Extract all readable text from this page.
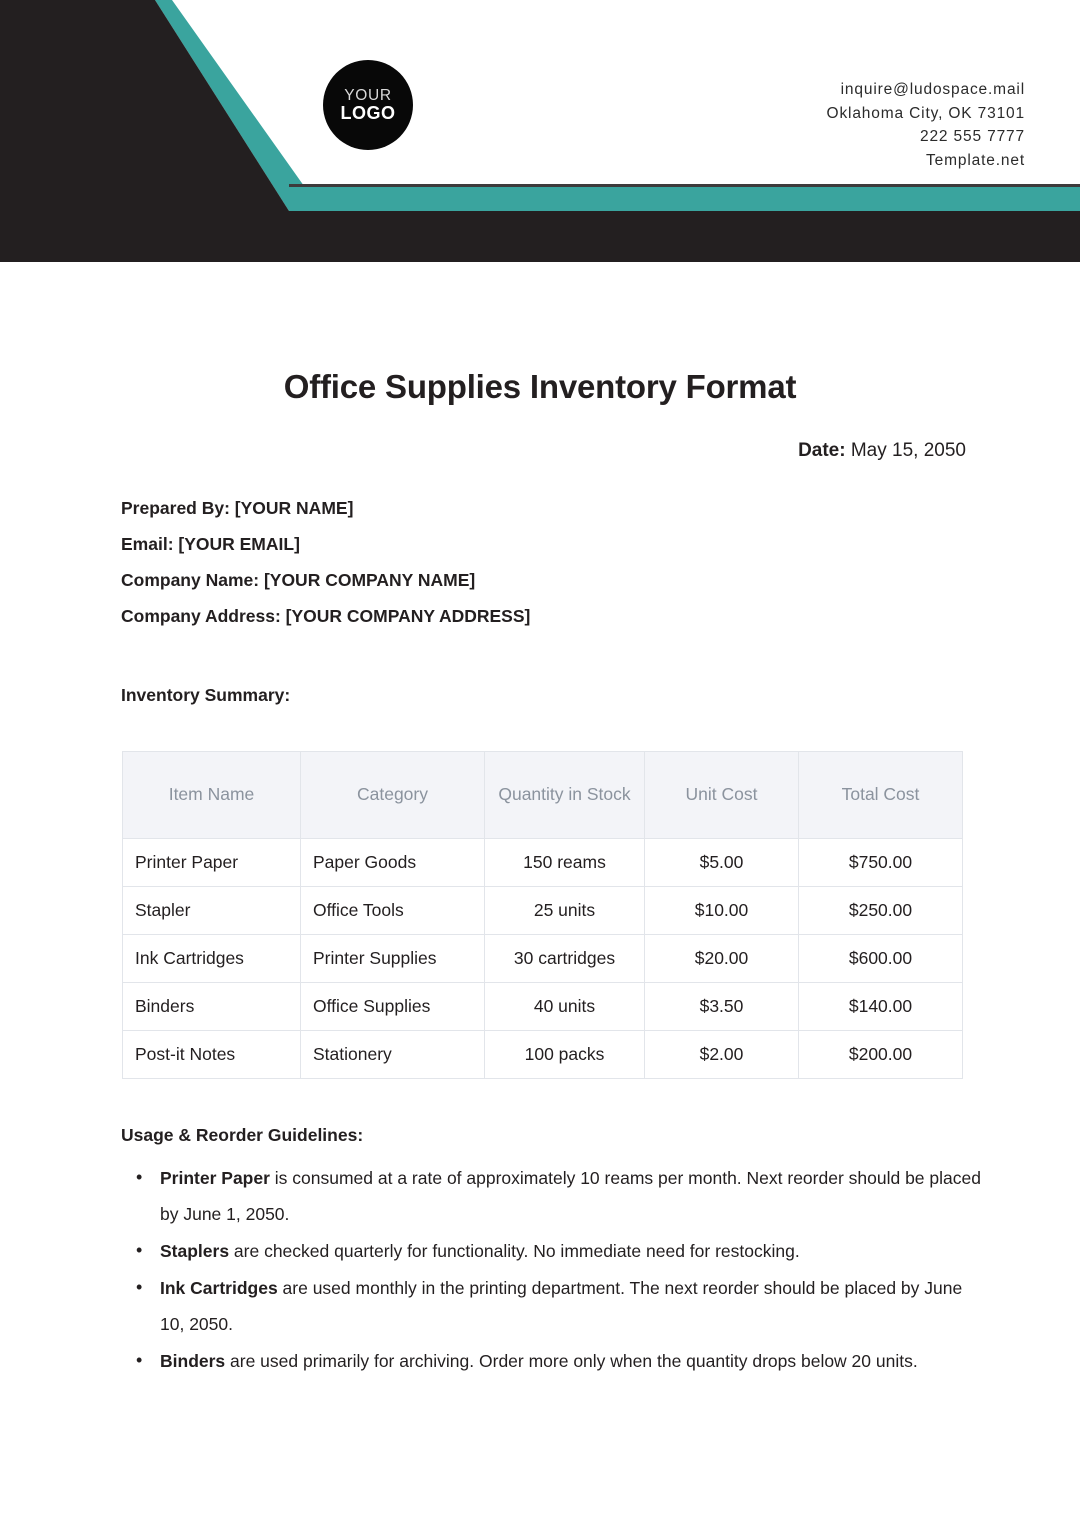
YOUR
LOGO
inquire@ludospace.mail
Oklahoma City, OK 73101
222 555 7777
Template.net
Office Supplies Inventory Format
Date: May 15, 2050
Prepared By: [YOUR NAME]
Email: [YOUR EMAIL]
Company Name: [YOUR COMPANY NAME]
Company Address: [YOUR COMPANY ADDRESS]
Inventory Summary:
Item Name	Category	Quantity in Stock	Unit Cost	Total Cost
Printer Paper	Paper Goods	150 reams	$5.00	$750.00
Stapler	Office Tools	25 units	$10.00	$250.00
Ink Cartridges	Printer Supplies	30 cartridges	$20.00	$600.00
Binders	Office Supplies	40 units	$3.50	$140.00
Post-it Notes	Stationery	100 packs	$2.00	$200.00
Usage & Reorder Guidelines:
• Printer Paper is consumed at a rate of approximately 10 reams per month. Next reorder should be placed by June 1, 2050.
• Staplers are checked quarterly for functionality. No immediate need for restocking.
• Ink Cartridges are used monthly in the printing department. The next reorder should be placed by June 10, 2050.
• Binders are used primarily for archiving. Order more only when the quantity drops below 20 units.
